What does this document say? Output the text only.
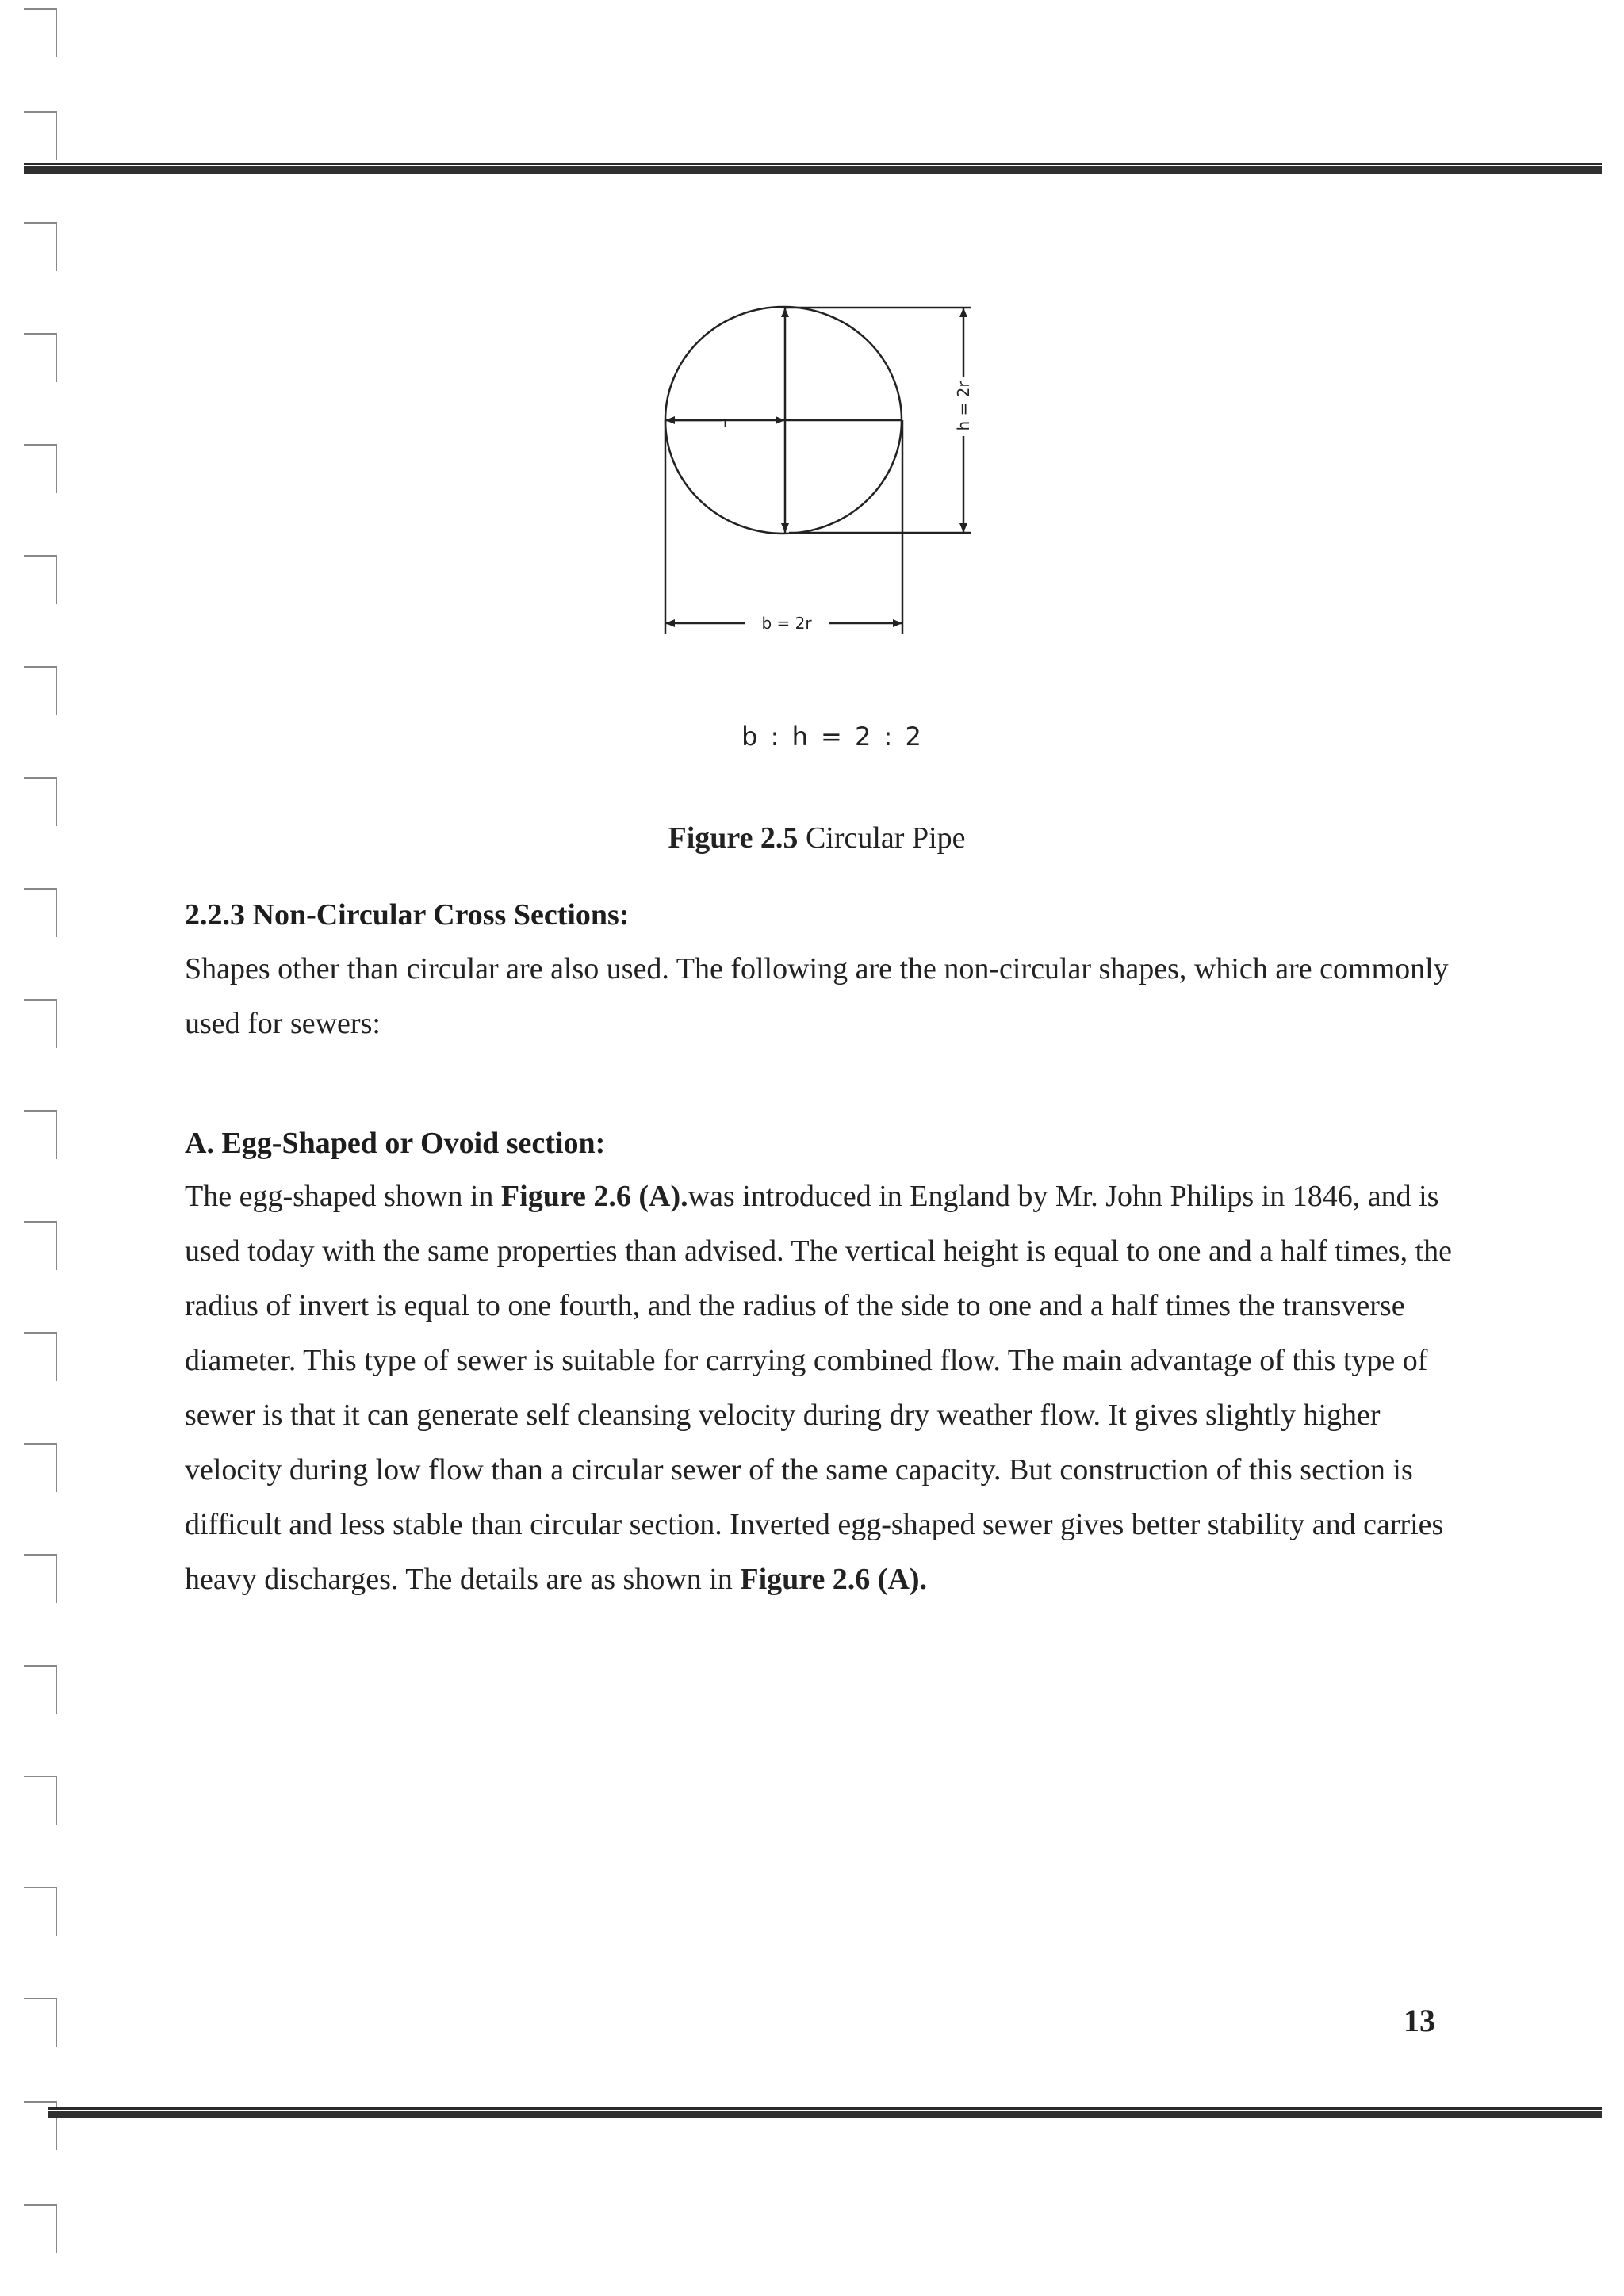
r	h = 2r
b = 2r
b : h = 2 : 2
Figure 2.5 Circular Pipe
2.2.3 Non-Circular Cross Sections:
Shapes other than circular are also used. The following are the non-circular shapes, which are commonly used for sewers:
A. Egg-Shaped or Ovoid section:
The egg-shaped shown in Figure 2.6 (A).was introduced in England by Mr. John Philips in 1846, and is used today with the same properties than advised. The vertical height is equal to one and a half times, the radius of invert is equal to one fourth, and the radius of the side to one and a half times the transverse diameter. This type of sewer is suitable for carrying combined flow. The main advantage of this type of sewer is that it can generate self cleansing velocity during dry weather flow. It gives slightly higher velocity during low flow than a circular sewer of the same capacity. But construction of this section is difficult and less stable than circular section. Inverted egg-shaped sewer gives better stability and carries heavy discharges. The details are as shown in Figure 2.6 (A).
13
